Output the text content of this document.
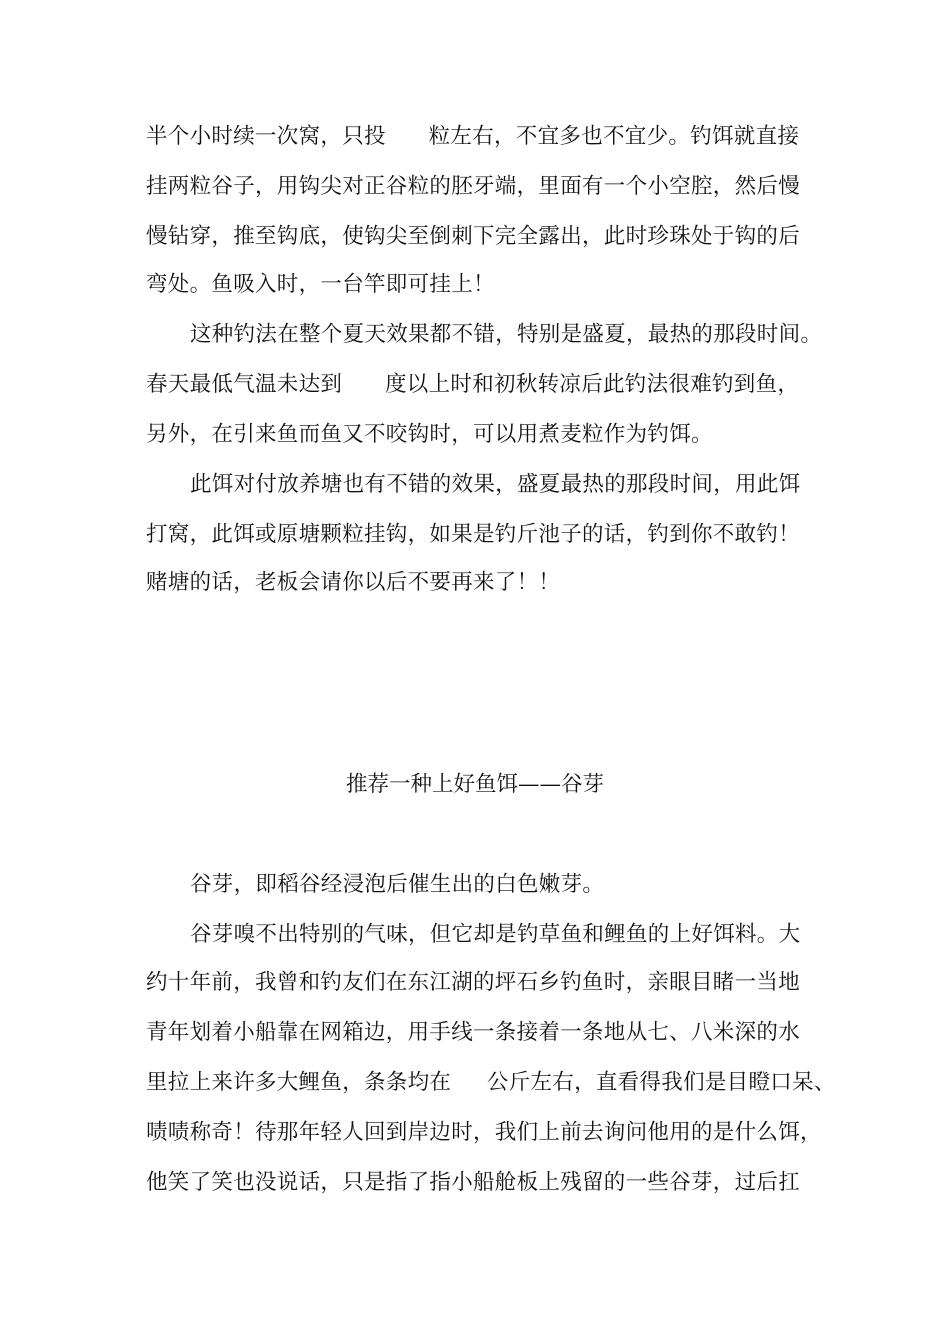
半个小时续一次窝，只投      粒左右，不宜多也不宜少。钓饵就直接
挂两粒谷子，用钩尖对正谷粒的胚牙端，里面有一个小空腔，然后慢
慢钻穿，推至钩底，使钩尖至倒刺下完全露出，此时珍珠处于钩的后
弯处。鱼吸入时，一台竿即可挂上！
这种钓法在整个夏天效果都不错，特别是盛夏，最热的那段时间。
春天最低气温未达到      度以上时和初秋转凉后此钓法很难钓到鱼，
另外，在引来鱼而鱼又不咬钩时，可以用煮麦粒作为钓饵。
此饵对付放养塘也有不错的效果，盛夏最热的那段时间，用此饵
打窝，此饵或原塘颗粒挂钩，如果是钓斤池子的话，钓到你不敢钓！
赌塘的话，老板会请你以后不要再来了！！
推荐一种上好鱼饵——谷芽
谷芽，即稻谷经浸泡后催生出的白色嫩芽。
谷芽嗅不出特别的气味，但它却是钓草鱼和鲤鱼的上好饵料。大
约十年前，我曾和钓友们在东江湖的坪石乡钓鱼时，亲眼目睹一当地
青年划着小船靠在网箱边，用手线一条接着一条地从七、八米深的水
里拉上来许多大鲤鱼，条条均在     公斤左右，直看得我们是目瞪口呆、
啧啧称奇！待那年轻人回到岸边时，我们上前去询问他用的是什么饵，
他笑了笑也没说话，只是指了指小船舱板上残留的一些谷芽，过后扛
